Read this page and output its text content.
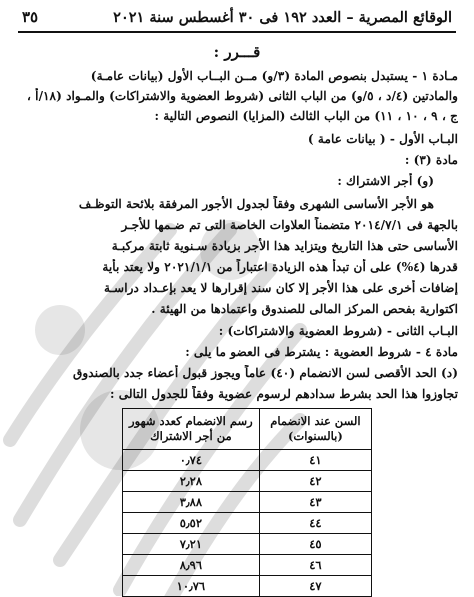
الوقائع المصرية – العدد ١٩٢ فى ٣٠ أغسطس سنة ٢٠٢١
٣٥
قـــرر :
مـادة ١ - يستبدل بنصوص المادة (٣/و) مــن البــاب الأول (بيانات عامـة)
والمادتين (٤/د ، ٥/و) من الباب الثانى (شروط العضوية والاشتراكات) والمـواد (١٨/أ ،
ج ، ٩ ، ١٠ ، ١١) من الباب الثالث (المزايا) النصوص التالية :
البـاب الأول - ( بيانات عامة )
مادة (٣) :
(و) أجر الاشتراك :
هو الأجر الأساسى الشهرى وفقاً لجدول الأجور المرفقة بلائحة التوظـف
بالجهة فى ٢٠١٤/٧/١ متضمناً العلاوات الخاصة التى تم ضـمها للأجـر
الأساسى حتى هذا التاريخ ويتزايد هذا الأجر بزيادة سـنوية ثابتة مركبـة
قدرها (٤%) على أن تبدأ هذه الزيادة اعتباراً من ٢٠٢١/١/١ ولا يعتد بأية
إضافات أخرى على هذا الأجر إلا كان سند إقرارها لا يعد بإعـداد دراسـة
اكتوارية بفحص المركز المالى للصندوق واعتمادها من الهيئة .
البـاب الثانى - (شروط العضوية والاشتراكات) :
مادة ٤ - شروط العضوية : يشترط فى العضو ما يلى :
(د) الحد الأقصى لسن الانضمام (٤٠) عاماً ويجوز قبول أعضاء جدد بالصندوق
تجاوزوا هذا الحد بشرط سدادهم لرسوم عضوية وفقاً للجدول التالى :
السن عند الانضمام (بالسنوات)	رسم الانضمام كعدد شهور من أجر الاشتراك
٤١	٠٫٧٤
٤٢	٢٫٢٨
٤٣	٣٫٨٨
٤٤	٥٫٥٢
٤٥	٧٫٢١
٤٦	٨٫٩٦
٤٧	١٠٫٧٦
